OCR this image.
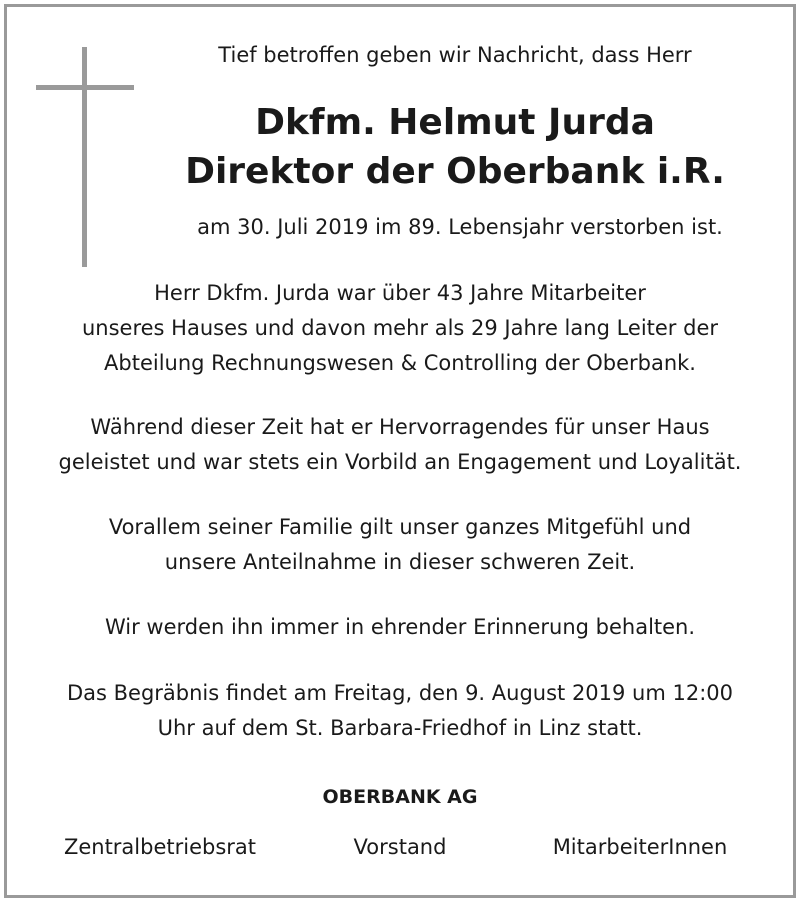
Tief betroffen geben wir Nachricht, dass Herr
Dkfm. Helmut Jurda
Direktor der Oberbank i.R.
am 30. Juli 2019 im 89. Lebensjahr verstorben ist.
Herr Dkfm. Jurda war über 43 Jahre Mitarbeiter
unseres Hauses und davon mehr als 29 Jahre lang Leiter der
Abteilung Rechnungswesen & Controlling der Oberbank.
Während dieser Zeit hat er Hervorragendes für unser Haus
geleistet und war stets ein Vorbild an Engagement und Loyalität.
Vorallem seiner Familie gilt unser ganzes Mitgefühl und
unsere Anteilnahme in dieser schweren Zeit.
Wir werden ihn immer in ehrender Erinnerung behalten.
Das Begräbnis findet am Freitag, den 9. August 2019 um 12:00
Uhr auf dem St. Barbara-Friedhof in Linz statt.
OBERBANK AG
Zentralbetriebsrat	Vorstand	MitarbeiterInnen
